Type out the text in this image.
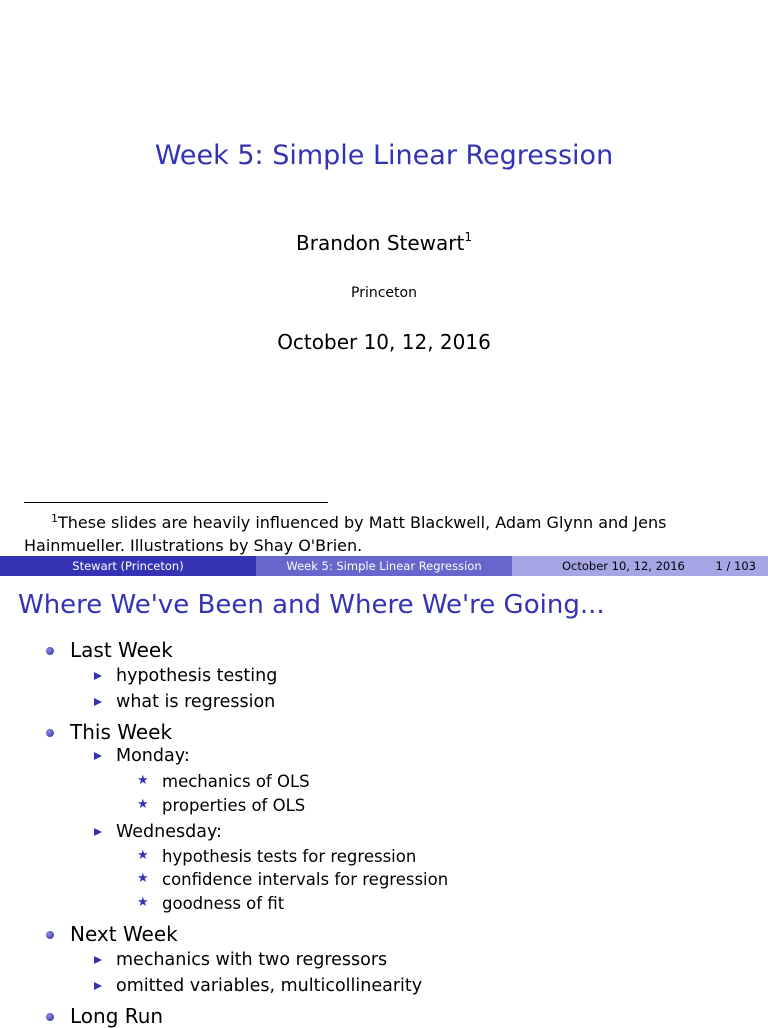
Week 5: Simple Linear Regression
Brandon Stewart$^1$
Princeton
October 10, 12, 2016
$^1$These slides are heavily influenced by Matt Blackwell, Adam Glynn and Jens
Hainmueller. Illustrations by Shay O'Brien.
Stewart (Princeton)	Week 5: Simple Linear Regression	October 10, 12, 2016	1 / 103
Where We've Been and Where We're Going...
Last Week
hypothesis testing
what is regression
This Week
Monday:
★ mechanics of OLS
★ properties of OLS
Wednesday:
★ hypothesis tests for regression
★ confidence intervals for regression
★ goodness of fit
Next Week
mechanics with two regressors
omitted variables, multicollinearity
Long Run
